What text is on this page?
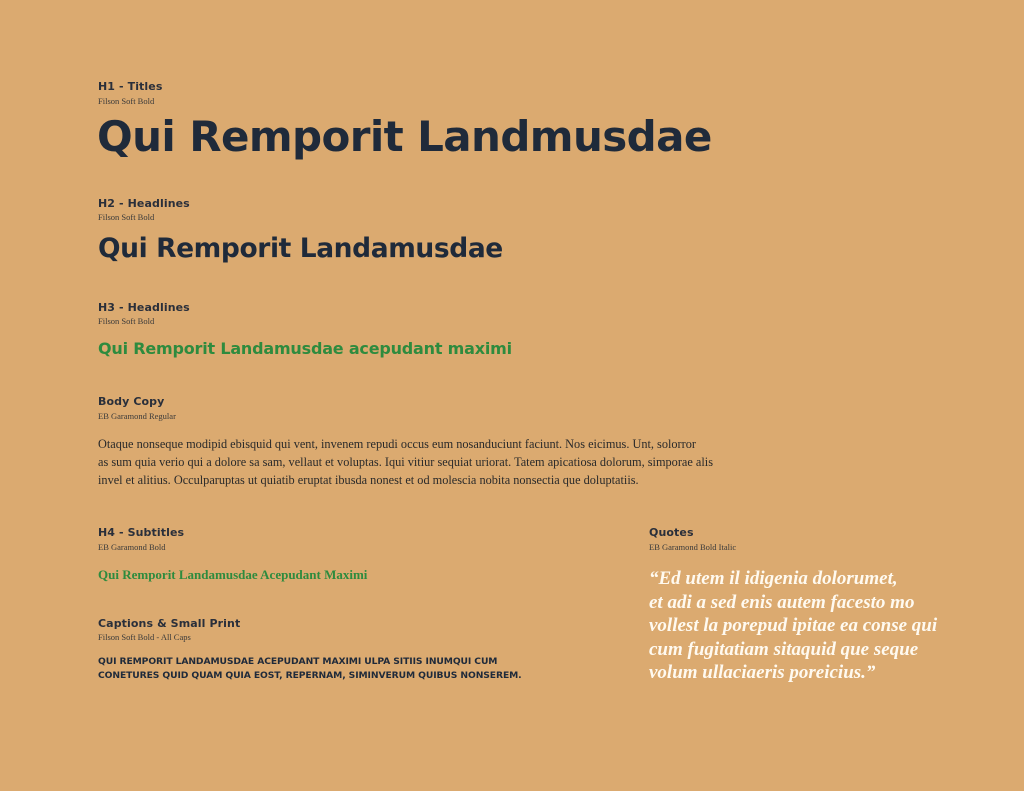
H1 - Titles
Filson Soft Bold
Qui Remporit Landmusdae
H2 - Headlines
Filson Soft Bold
Qui Remporit Landamusdae
H3 - Headlines
Filson Soft Bold
Qui Remporit Landamusdae acepudant maximi
Body Copy
EB Garamond Regular
Otaque nonseque modipid ebisquid qui vent, invenem repudi occus eum nosanduciunt faciunt. Nos eicimus. Unt, solorror
as sum quia verio qui a dolore sa sam, vellaut et voluptas. Iqui vitiur sequiat uriorat. Tatem apicatiosa dolorum, simporae alis
invel et alitius. Occulparuptas ut quiatib eruptat ibusda nonest et od molescia nobita nonsectia que doluptatiis.
H4 - Subtitles
EB Garamond Bold
Qui Remporit Landamusdae Acepudant Maximi
Captions & Small Print
Filson Soft Bold - All Caps
QUI REMPORIT LANDAMUSDAE ACEPUDANT MAXIMI ULPA SITIIS INUMQUI CUM
CONETURES QUID QUAM QUIA EOST, REPERNAM, SIMINVERUM QUIBUS NONSEREM.
Quotes
EB Garamond Bold Italic
“Ed utem il idigenia dolorumet,
et adi a sed enis autem facesto mo
vollest la porepud ipitae ea conse qui
cum fugitatiam sitaquid que seque
volum ullaciaeris poreicius.”
